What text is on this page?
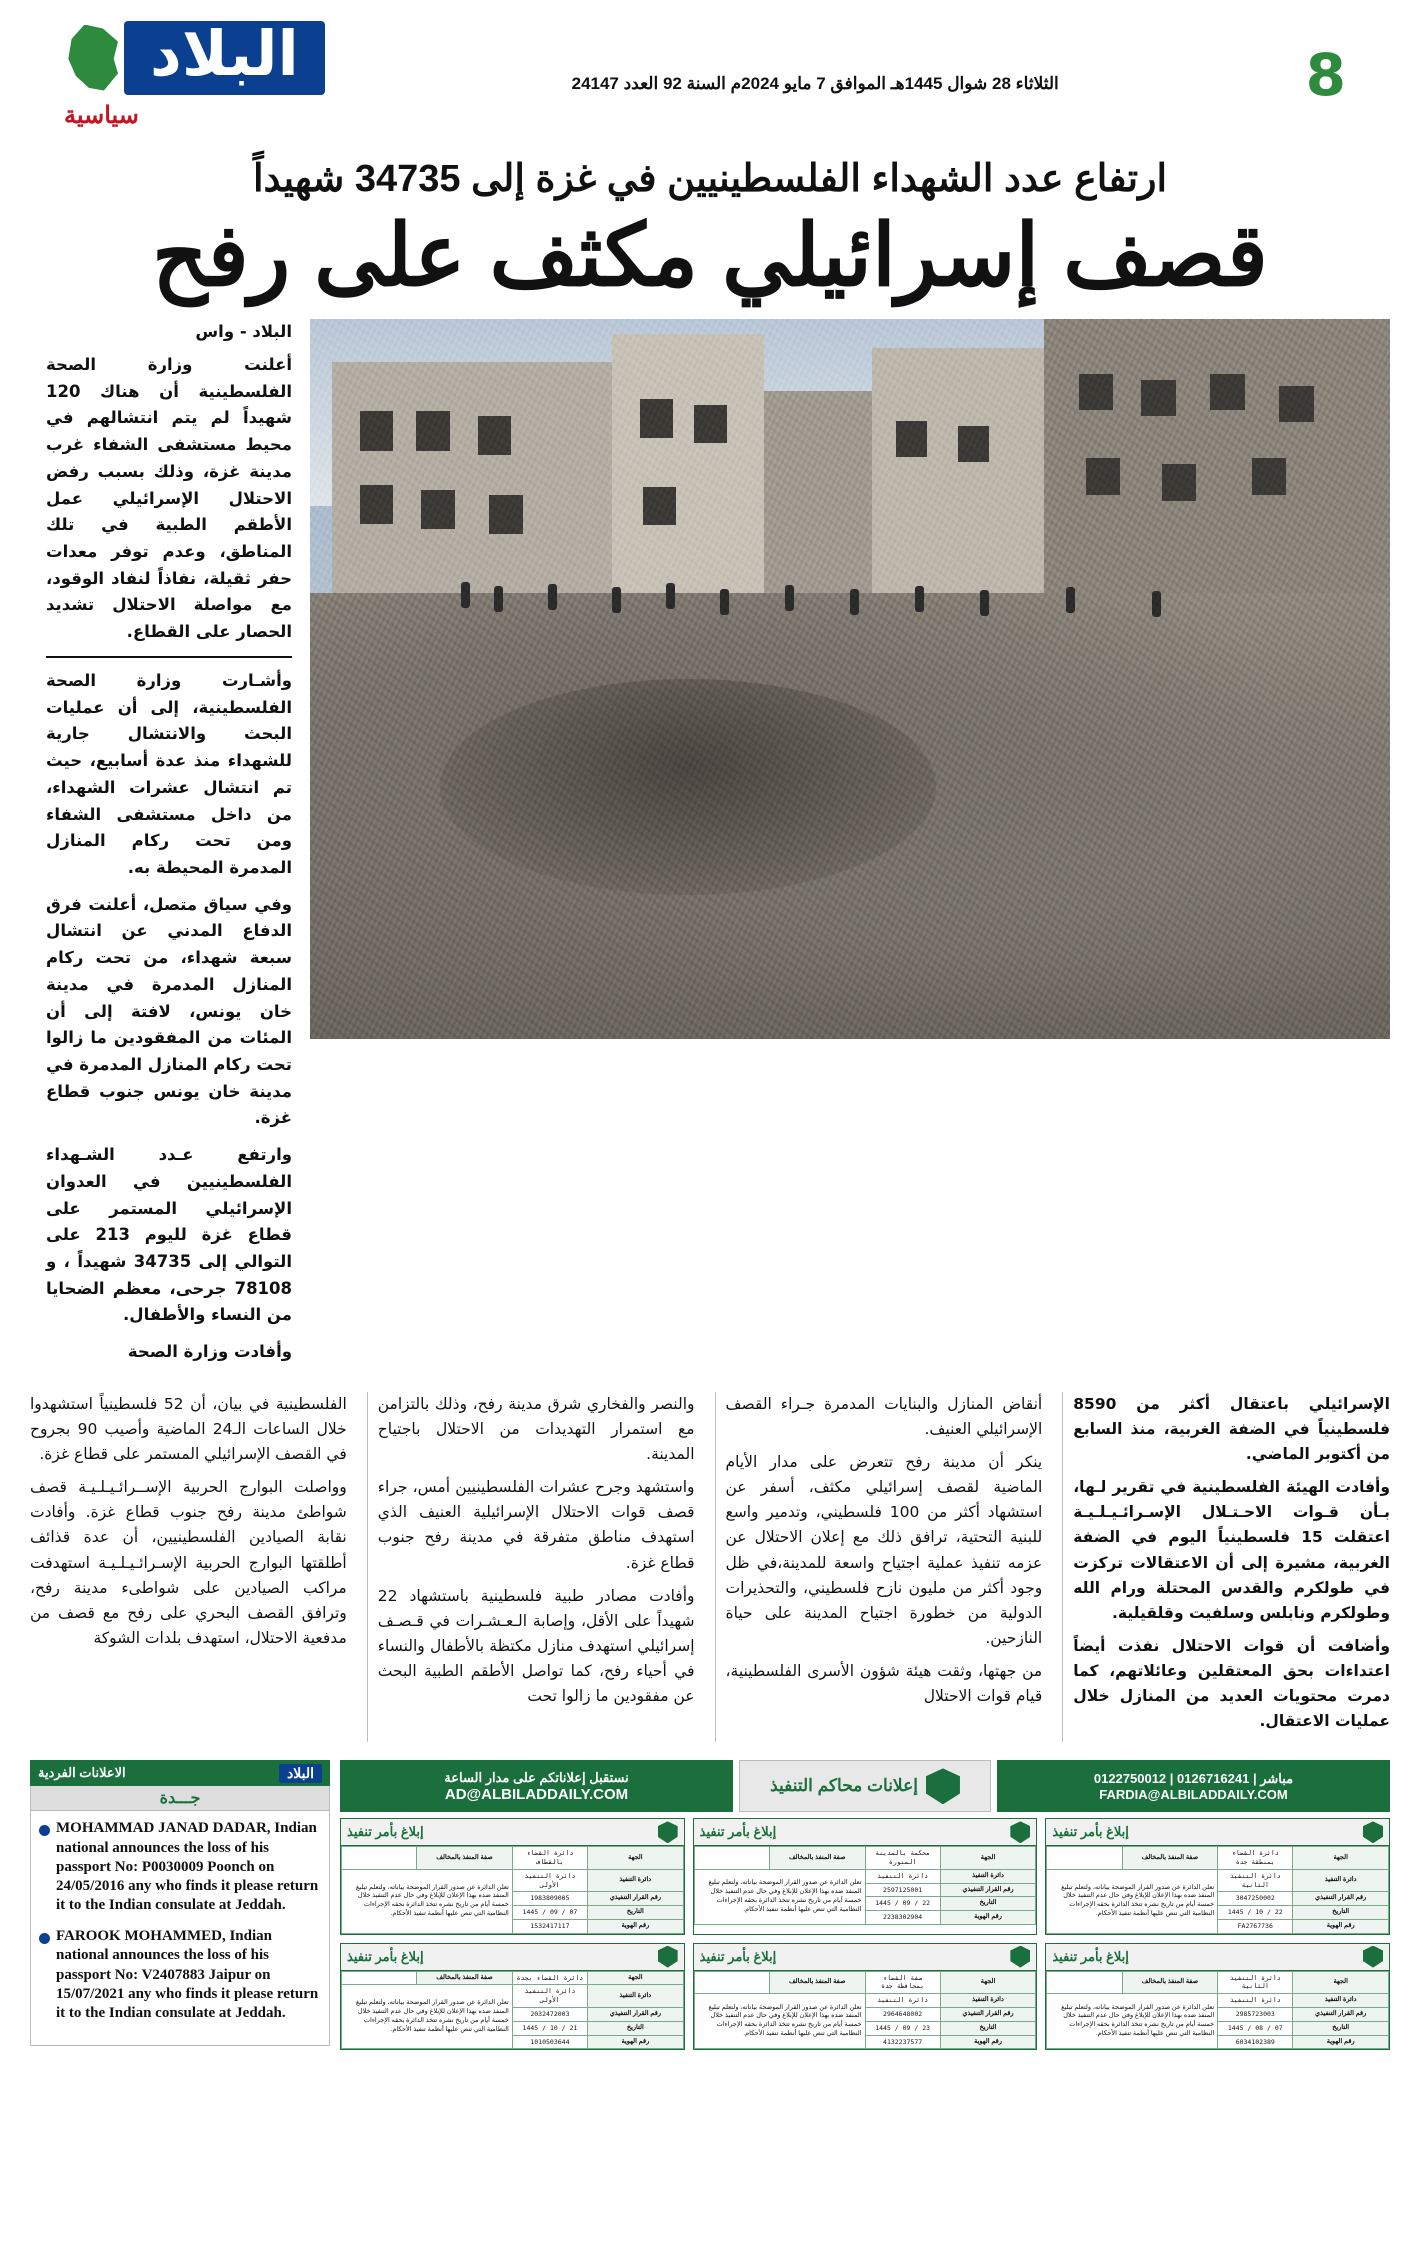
8
الثلاثاء 28 شوال 1445هـ الموافق 7 مايو 2024م السنة 92 العدد 24147
البلاد
سياسية
ارتفاع عدد الشهداء الفلسطينيين في غزة إلى 34735 شهيداً
قصف إسرائيلي مكثف على رفح
البلاد - واس

أعلنت وزارة الصحة الفلسطينية أن هناك 120 شهيداً لم يتم انتشالهم في محيط مستشفى الشفاء غرب مدينة غزة، وذلك بسبب رفض الاحتلال الإسرائيلي عمل الأطقم الطبية في تلك المناطق، وعدم توفر معدات حفر ثقيلة، نفاذاً لنفاد الوقود، مع مواصلة الاحتلال تشديد الحصار على القطاع.

وأشـارت وزارة الصحة الفلسطينية، إلى أن عمليات البحث والانتشال جارية للشهداء منذ عدة أسابيع، حيث تم انتشال عشرات الشهداء، من داخل مستشفى الشفاء ومن تحت ركام المنازل المدمرة المحيطة به.

وفي سياق متصل، أعلنت فرق الدفاع المدني عن انتشال سبعة شهداء، من تحت ركام المنازل المدمرة في مدينة خان يونس، لافتة إلى أن المئات من المفقودين ما زالوا تحت ركام المنازل المدمرة في مدينة خان يونس جنوب قطاع غزة.

وارتفع عـدد الشـهداء الفلسطينيين في العدوان الإسرائيلي المستمر على قطاع غزة لليوم 213 على التوالي إلى 34735 شهيداً ، و 78108 جرحى، معظم الضحايا من النساء والأطفال.

وأفادت وزارة الصحة

الإسرائيلي باعتقال أكثر من 8590 فلسطينياً في الضفة الغربية، منذ السابع من أكتوبر الماضي.

وأفادت الهيئة الفلسطينية في تقرير لـها، بـأن قـوات الاحـتـلال الإسـرائـيـلـيـة اعتقلت 15 فلسطينياً اليوم في الضفة الغربية، مشيرة إلى أن الاعتقالات تركزت في طولكرم والقدس المحتلة ورام الله وطولكرم ونابلس وسلفيت وقلقيلية.

وأضافت أن قوات الاحتلال نفذت أيضاً اعتداءات بحق المعتقلين وعائلاتهم، كما دمرت محتويات العديد من المنازل خلال عمليات الاعتقال.

أنقاض المنازل والبنايات المدمرة جـراء القصف الإسرائيلي العنيف.

ينكر أن مدينة رفح تتعرض على مدار الأيام الماضية لقصف إسرائيلي مكثف، أسفر عن استشهاد أكثر من 100 فلسطيني، وتدمير واسع للبنية التحتية، ترافق ذلك مع إعلان الاحتلال عن عزمه تنفيذ عملية اجتياح واسعة للمدينة،في ظل وجود أكثر من مليون نازح فلسطيني، والتحذيرات الدولية من خطورة اجتياح المدينة على حياة النازحين.

من جهتها، وثقت هيئة شؤون الأسرى الفلسطينية، قيام قوات الاحتلال

والنصر والفخاري شرق مدينة رفح، وذلك بالتزامن مع استمرار التهديدات من الاحتلال باجتياح المدينة.

واستشهد وجرح عشرات الفلسطينيين أمس، جراء قصف قوات الاحتلال الإسرائيلية العنيف الذي استهدف مناطق متفرقة في مدينة رفح جنوب قطاع غزة.

وأفادت مصادر طبية فلسطينية باستشهاد 22 شهيداً على الأقل، وإصابة الـعـشـرات في قـصـف إسرائيلي استهدف منازل مكتظة بالأطفال والنساء في أحياء رفح، كما تواصل الأطقم الطبية البحث عن مفقودين ما زالوا تحت

الفلسطينية في بيان، أن 52 فلسطينياً استشهدوا خلال الساعات الـ24 الماضية وأصيب 90 بجروح في القصف الإسرائيلي المستمر على قطاع غزة.

وواصلت البوارج الحربية الإســرائـيـلـيـة قصف شواطئ مدينة رفح جنوب قطاع غزة. وأفادت نقابة الصيادين الفلسطينيين، أن عدة قذائف أطلقتها البوارج الحربية الإسـرائـيـلـيـة استهدفت مراكب الصيادين على شواطىء مدينة رفح، وترافق القصف البحري على رفح مع قصف من مدفعية الاحتلال، استهدف بلدات الشوكة

مباشر | 0126716241 | 0122750012
FARDIA@ALBILADDAILY.COM
إعلانات محاكم التنفيذ
نستقبل إعلاناتكم على مدار الساعة
AD@ALBILADDAILY.COM
إبلاغ بأمر تنفيذ
الجهة	دائرة القضاء بمنطقة جدة	صفة المنفذ بالمخالف	
دائرة التنفيذ	دائرة التنفيذ الثانية	تعلن الدائرة عن صدور القرار الموضحة بياناته، ولتعلم تبليغ المنفذ ضده بهذا الإعلان للإبلاغ وفي حال عدم التنفيذ خلال خمسة أيام من تاريخ نشره تتخذ الدائرة بحقه الإجراءات النظامية التي تنص عليها أنظمة تنفيذ الأحكام.	
رقم القرار التنفيذي	3047250002		
التاريخ	22 / 10 / 1445		
رقم الهوية	FA2767736		
إبلاغ بأمر تنفيذ
الجهة	محكمة بالمدينة المنورة	صفة المنفذ بالمخالف	
دائرة التنفيذ	دائرة التنفيذ	تعلن الدائرة عن صدور القرار الموضحة بياناته، ولتعلم تبليغ المنفذ ضده بهذا الإعلان للإبلاغ وفي حال عدم التنفيذ خلال خمسة أيام من تاريخ نشره تتخذ الدائرة بحقه الإجراءات النظامية التي تنص عليها أنظمة تنفيذ الأحكام.	
رقم القرار التنفيذي	2597125001		
التاريخ	22 / 09 / 1445		
رقم الهوية	2238302904		
إبلاغ بأمر تنفيذ
الجهة	دائرة القضاء بالقطاف	صفة المنفذ بالمخالف	
دائرة التنفيذ	دائرة التنفيذ الأولى	تعلن الدائرة عن صدور القرار الموضحة بياناته، ولتعلم تبليغ المنفذ ضده بهذا الإعلان للإبلاغ وفي حال عدم التنفيذ خلال خمسة أيام من تاريخ نشره تتخذ الدائرة بحقه الإجراءات النظامية التي تنص عليها أنظمة تنفيذ الأحكام.	
رقم القرار التنفيذي	1983809005		
التاريخ	07 / 09 / 1445		
رقم الهوية	1532417117		
إبلاغ بأمر تنفيذ
الجهة	دائرة التنفيذ الثانية	صفة المنفذ بالمخالف	
دائرة التنفيذ	دائرة التنفيذ	تعلن الدائرة عن صدور القرار الموضحة بياناته، ولتعلم تبليغ المنفذ ضده بهذا الإعلان للإبلاغ وفي حال عدم التنفيذ خلال خمسة أيام من تاريخ نشره تتخذ الدائرة بحقه الإجراءات النظامية التي تنص عليها أنظمة تنفيذ الأحكام.	
رقم القرار التنفيذي	2985723003		
التاريخ	07 / 08 / 1445		
رقم الهوية	6034102389		
إبلاغ بأمر تنفيذ
الجهة	صفة القضاء بمحافظة جدة	صفة المنفذ بالمخالف	
دائرة التنفيذ	دائرة التنفيذ	تعلن الدائرة عن صدور القرار الموضحة بياناته، ولتعلم تبليغ المنفذ ضده بهذا الإعلان للإبلاغ وفي حال عدم التنفيذ خلال خمسة أيام من تاريخ نشره تتخذ الدائرة بحقه الإجراءات النظامية التي تنص عليها أنظمة تنفيذ الأحكام.	
رقم القرار التنفيذي	2964648002		
التاريخ	23 / 09 / 1445		
رقم الهوية	4132237577		
إبلاغ بأمر تنفيذ
الجهة	دائرة القضاء بجدة	صفة المنفذ بالمخالف	
دائرة التنفيذ	دائرة التنفيذ الأولى	تعلن الدائرة عن صدور القرار الموضحة بياناته، ولتعلم تبليغ المنفذ ضده بهذا الإعلان للإبلاغ وفي حال عدم التنفيذ خلال خمسة أيام من تاريخ نشره تتخذ الدائرة بحقه الإجراءات النظامية التي تنص عليها أنظمة تنفيذ الأحكام.	
رقم القرار التنفيذي	2032472003		
التاريخ	21 / 10 / 1445		
رقم الهوية	1010503644		
البلاد
الاعلانات الفردية
جـــدة
MOHAMMAD JANAD DADAR, Indian national announces the loss of his passport No: P0030009 Poonch on 24/05/2016 any who finds it please return it to the Indian consulate at Jeddah.
FAROOK MOHAMMED, Indian national announces the loss of his passport No: V2407883 Jaipur on 15/07/2021 any who finds it please return it to the Indian consulate at Jeddah.
